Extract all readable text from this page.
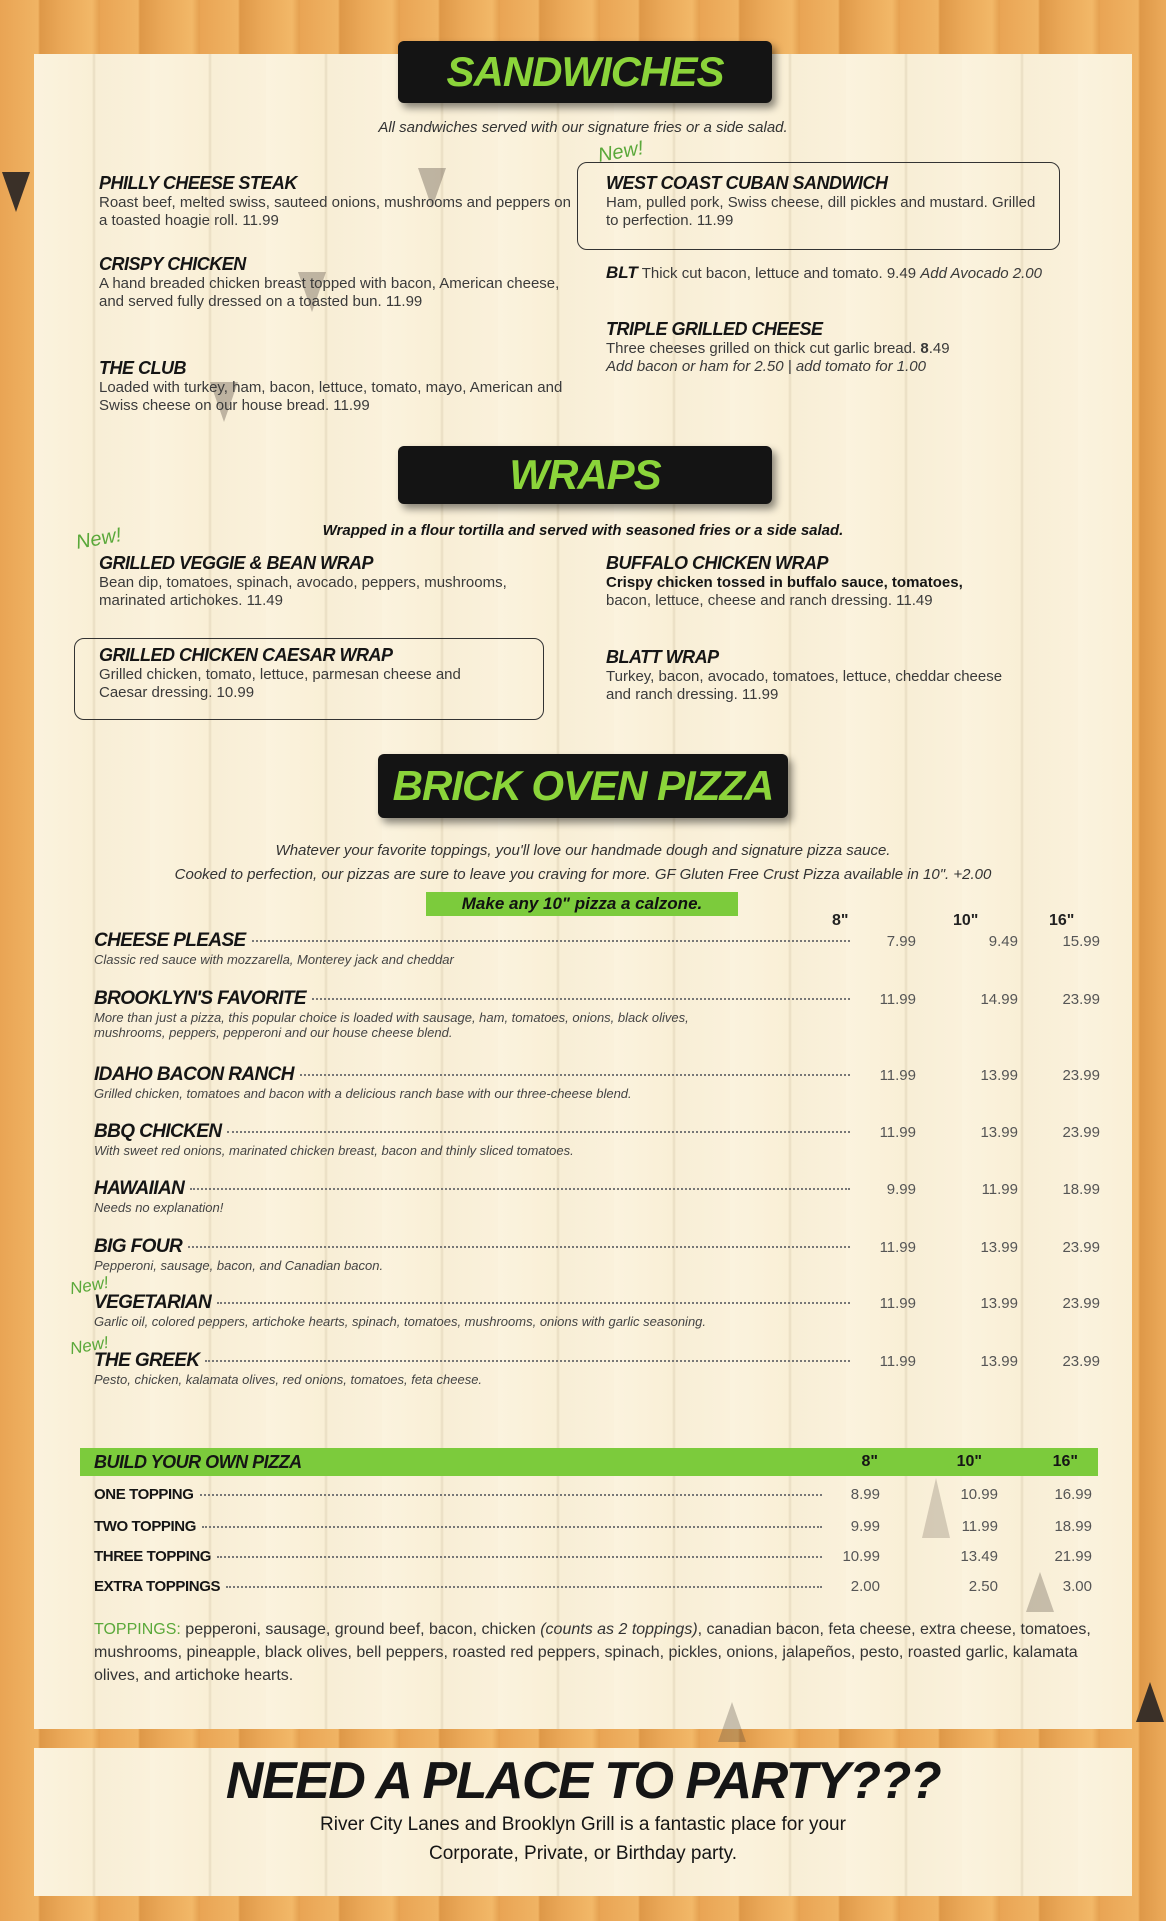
SANDWICHES
All sandwiches served with our signature fries or a side salad.
PHILLY CHEESE STEAK
Roast beef, melted swiss, sauteed onions, mushrooms and peppers on a toasted hoagie roll. 11.99
CRISPY CHICKEN
A hand breaded chicken breast topped with bacon, American cheese, and served fully dressed on a toasted bun. 11.99
THE CLUB
Loaded with turkey, ham, bacon, lettuce, tomato, mayo, American and Swiss cheese on our house bread. 11.99
New!
WEST COAST CUBAN SANDWICH
Ham, pulled pork, Swiss cheese, dill pickles and mustard. Grilled to perfection. 11.99
BLT Thick cut bacon, lettuce and tomato. 9.49 Add Avocado 2.00
TRIPLE GRILLED CHEESE
Three cheeses grilled on thick cut garlic bread. 8.49
Add bacon or ham for 2.50 | add tomato for 1.00
WRAPS
Wrapped in a flour tortilla and served with seasoned fries or a side salad.
New!
GRILLED VEGGIE & BEAN WRAP
Bean dip, tomatoes, spinach, avocado, peppers, mushrooms, marinated artichokes. 11.49
GRILLED CHICKEN CAESAR WRAP
Grilled chicken, tomato, lettuce, parmesan cheese and Caesar dressing. 10.99
BUFFALO CHICKEN WRAP
Crispy chicken tossed in buffalo sauce, tomatoes,
bacon, lettuce, cheese and ranch dressing. 11.49
BLATT WRAP
Turkey, bacon, avocado, tomatoes, lettuce, cheddar cheese and ranch dressing. 11.99
BRICK OVEN PIZZA
Whatever your favorite toppings, you'll love our handmade dough and signature pizza sauce.
Cooked to perfection, our pizzas are sure to leave you craving for more. GF Gluten Free Crust Pizza available in 10". +2.00
Make any 10" pizza a calzone.
8"	10"	16"
CHEESE PLEASE	7.99	9.49	15.99
Classic red sauce with mozzarella, Monterey jack and cheddar
BROOKLYN'S FAVORITE	11.99	14.99	23.99
More than just a pizza, this popular choice is loaded with sausage, ham, tomatoes, onions, black olives, mushrooms, peppers, pepperoni and our house cheese blend.
IDAHO BACON RANCH	11.99	13.99	23.99
Grilled chicken, tomatoes and bacon with a delicious ranch base with our three-cheese blend.
BBQ CHICKEN	11.99	13.99	23.99
With sweet red onions, marinated chicken breast, bacon and thinly sliced tomatoes.
HAWAIIAN	9.99	11.99	18.99
Needs no explanation!
BIG FOUR	11.99	13.99	23.99
Pepperoni, sausage, bacon, and Canadian bacon.
New!
VEGETARIAN	11.99	13.99	23.99
Garlic oil, colored peppers, artichoke hearts, spinach, tomatoes, mushrooms, onions with garlic seasoning.
New!
THE GREEK	11.99	13.99	23.99
Pesto, chicken, kalamata olives, red onions, tomatoes, feta cheese.
BUILD YOUR OWN PIZZA	8"	10"	16"
ONE TOPPING	8.99	10.99	16.99
TWO TOPPING	9.99	11.99	18.99
THREE TOPPING	10.99	13.49	21.99
EXTRA TOPPINGS	2.00	2.50	3.00
TOPPINGS: pepperoni, sausage, ground beef, bacon, chicken (counts as 2 toppings), canadian bacon, feta cheese, extra cheese, tomatoes, mushrooms, pineapple, black olives, bell peppers, roasted red peppers, spinach, pickles, onions, jalapeños, pesto, roasted garlic, kalamata olives, and artichoke hearts.
NEED A PLACE TO PARTY???
River City Lanes and Brooklyn Grill is a fantastic place for your
Corporate, Private, or Birthday party.
